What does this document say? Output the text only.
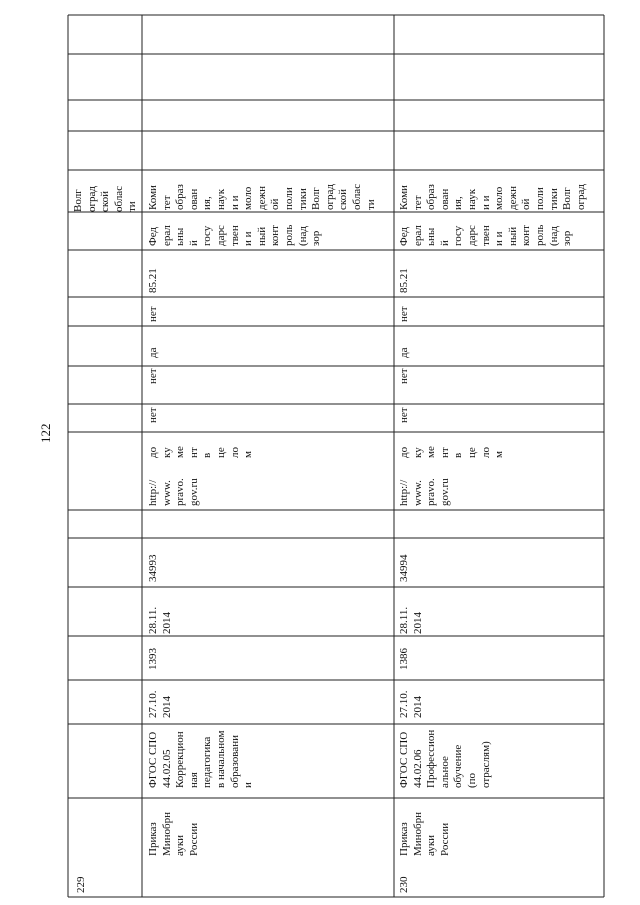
122
Волг
оград
ской
облас
ти
229
Приказ
Минобрн
ауки
России
ФГОС СПО
44.02.05
Коррекцион
ная
педагогика
в начальном
образовани
и
27.10.
2014
1393
28.11.
2014
34993
http://
www.
pravo.
gov.ru
до
ку
ме
нт
в
це
ло
м
нет
нет
да
нет
85.21
Фед
ерал
ьны
й
госу
дарс
твен
и и
ный
конт
роль
(над
зор
Коми
тет
образ
ован
ия,
наук
и и
моло
дежн
ой
пoли
тики
Волг
оград
ской
облас
ти
230
Приказ
Минобрн
ауки
России
ФГОС СПО
44.02.06
Профессион
альное
обучение
(по
отраслям)
27.10.
2014
1386
28.11.
2014
34994
http://
www.
pravo.
gov.ru
до
ку
ме
нт
в
це
ло
м
нет
нет
да
нет
85.21
Фед
ерал
ьны
й
госу
дарс
твен
и и
ный
конт
роль
(над
зор
Коми
тет
образ
ован
ия,
наук
и и
моло
дежн
ой
пoли
тики
Волг
оград
